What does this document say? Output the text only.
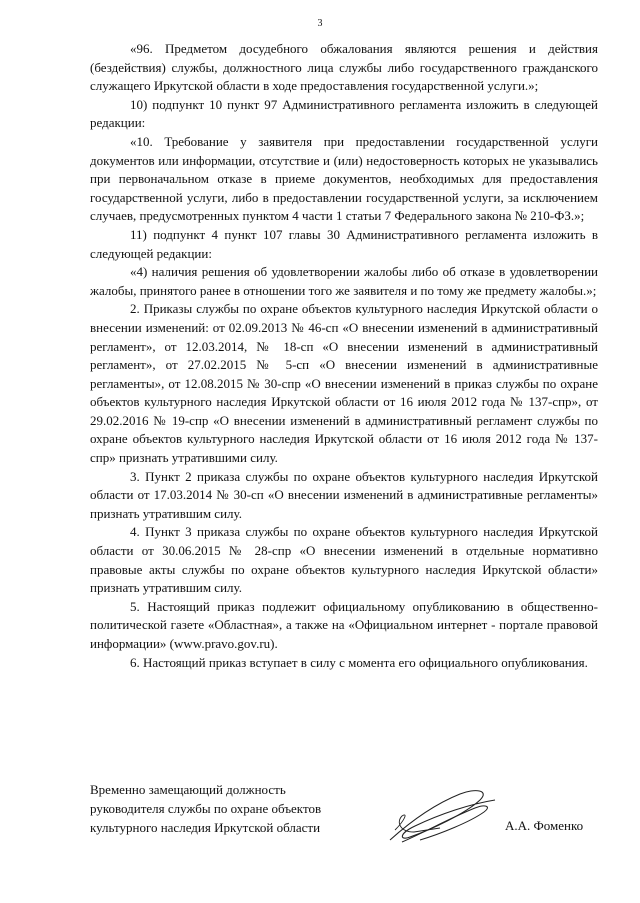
3

«96. Предметом досудебного обжалования являются решения и действия (бездействия) службы, должностного лица службы либо государственного гражданского служащего Иркутской области в ходе предоставления государственной услуги.»;

10) подпункт 10 пункт 97 Административного регламента изложить в следующей редакции:

«10. Требование у заявителя при предоставлении государственной услуги документов или информации, отсутствие и (или) недостоверность которых не указывались при первоначальном отказе в приеме документов, необходимых для предоставления государственной услуги, либо в предоставлении государственной услуги, за исключением случаев, предусмотренных пунктом 4 части 1 статьи 7 Федерального закона № 210-ФЗ.»;

11) подпункт 4 пункт 107 главы 30 Административного регламента изложить в следующей редакции:

«4) наличия решения об удовлетворении жалобы либо об отказе в удовлетворении жалобы, принятого ранее в отношении того же заявителя и по тому же предмету жалобы.»;

2. Приказы службы по охране объектов культурного наследия Иркутской области о внесении изменений: от 02.09.2013 № 46-сп «О внесении изменений в административный регламент», от 12.03.2014, № 18-сп «О внесении изменений в административный регламент», от 27.02.2015 № 5-сп «О внесении изменений в административные регламенты», от 12.08.2015 № 30-спр «О внесении изменений в приказ службы по охране объектов культурного наследия Иркутской области от 16 июля 2012 года № 137-спр», от 29.02.2016 № 19-спр «О внесении изменений в административный регламент службы по охране объектов культурного наследия Иркутской области от 16 июля 2012 года № 137-спр» признать утратившими силу.

3. Пункт 2 приказа службы по охране объектов культурного наследия Иркутской области от 17.03.2014 № 30-сп «О внесении изменений в административные регламенты» признать утратившим силу.

4. Пункт 3 приказа службы по охране объектов культурного наследия Иркутской области от 30.06.2015 № 28-спр «О внесении изменений в отдельные нормативно правовые акты службы по охране объектов культурного наследия Иркутской области» признать утратившим силу.

5. Настоящий приказ подлежит официальному опубликованию в общественно-политической газете «Областная», а также на «Официальном интернет - портале правовой информации» (www.pravo.gov.ru).

6. Настоящий приказ вступает в силу с момента его официального опубликования.

Временно замещающий должность

руководителя службы по охране объектов

культурного наследия Иркутской области	А.А. Фоменко
